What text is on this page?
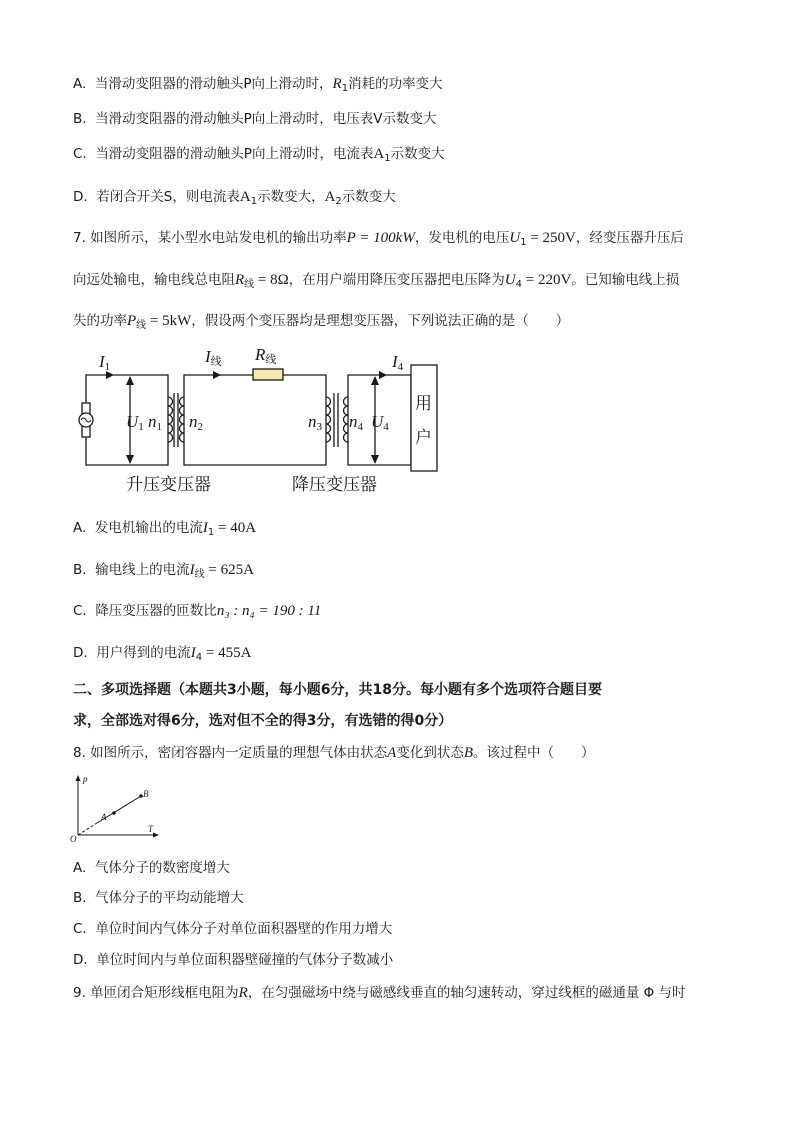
A. 当滑动变阻器的滑动触头P向上滑动时，$R_1$消耗的功率变大
B. 当滑动变阻器的滑动触头P向上滑动时，电压表V示数变大
C. 当滑动变阻器的滑动触头P向上滑动时，电流表$A_1$示数变大
D. 若闭合开关S，则电流表$A_1$示数变大，$A_2$示数变大
7. 如图所示，某小型水电站发电机的输出功率P = 100kW，发电机的电压$U_1 = 250V$，经变压器升压后
向远处输电，输电线总电阻$R_线 = 8\Omega$，在用户端用降压变压器把电压降为$U_4 = 220V$。已知输电线上损
失的功率$P_线 = 5kW$，假设两个变压器均是理想变压器，下列说法正确的是（　　）
I1
I线 R线	I4
U1 n1 n2	n3 n4 U4
用
户
升压变压器	降压变压器
A. 发电机输出的电流$I_1 = 40A$
B. 输电线上的电流$I_线 = 625A$
C. 降压变压器的匝数比n₃ : n₄ = 190 : 11
D. 用户得到的电流$I_4 = 455A$
二、多项选择题（本题共3小题，每小题6分，共18分。每小题有多个选项符合题目要
求，全部选对得6分，选对但不全的得3分，有选错的得0分）
8. 如图所示，密闭容器内一定质量的理想气体由状态A变化到状态B。该过程中（　　）
p
T
O
A
B
A. 气体分子的数密度增大
B. 气体分子的平均动能增大
C. 单位时间内气体分子对单位面积器壁的作用力增大
D. 单位时间内与单位面积器壁碰撞的气体分子数减小
9. 单匝闭合矩形线框电阻为R，在匀强磁场中绕与磁感线垂直的轴匀速转动，穿过线框的磁通量 Φ 与时
